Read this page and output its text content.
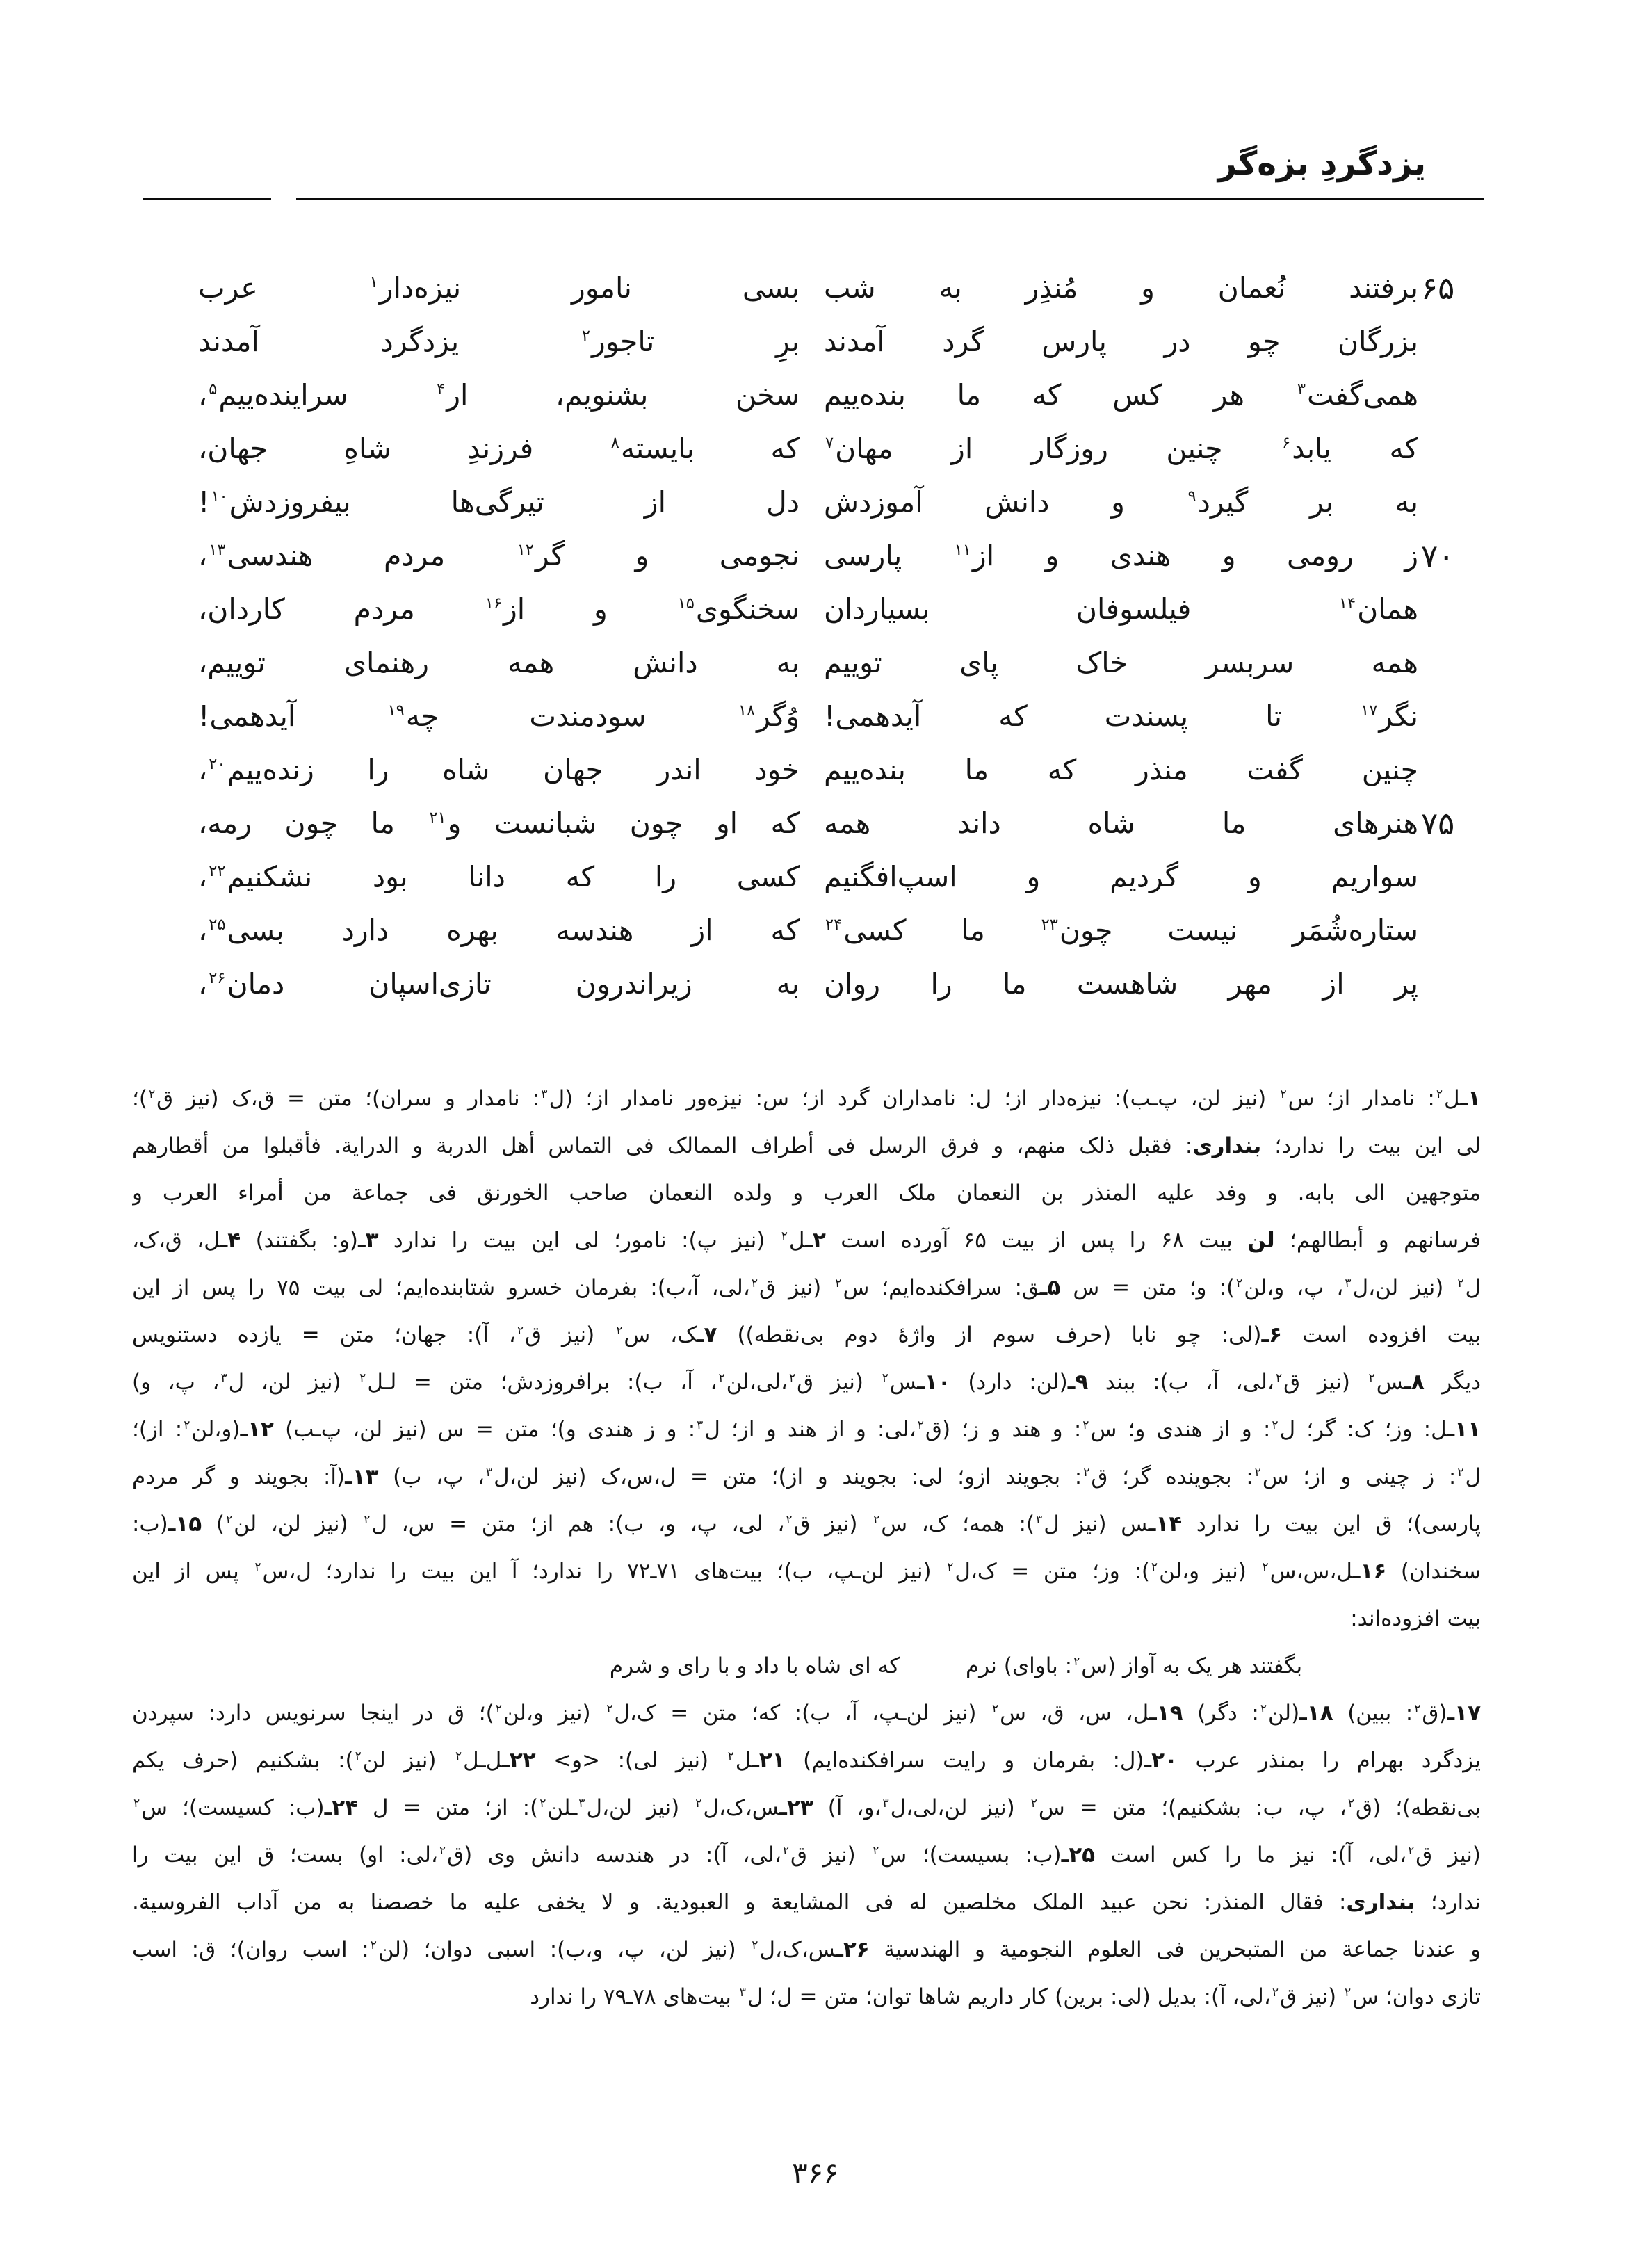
یزدگردِ بزه‌گر
۶۵
برفتند نُعمان و مُنذِر به شب
بسی نامور نیزه‌دار$^۱$ عرب
بزرگان چو در پارس گرد آمدند
برِ تاجور$^۲$ یزدگرد آمدند
همی‌گفت$^۳$ هر کس که ما بنده‌ییم
سخن بشنویم، ار$^۴$ سراینده‌ییم$^۵$،
که یابد$^۶$ چنین روزگار از مهان$^۷$
که بایسته$^۸$ فرزندِ شاهِ جهان،
به بر گیرد$^۹$ و دانش آموزدش
دل از تیرگی‌ها بیفروزدش$^{۱۰}$!
۷۰
ز رومی و هندی و از$^{۱۱}$ پارسی
نجومی و گر$^{۱۲}$ مردم هندسی$^{۱۳}$،
همان$^{۱۴}$ فیلسوفان بسیاردان
سخنگوی$^{۱۵}$ و از$^{۱۶}$ مردم کاردان،
همه سربسر خاک پای توییم
به دانش همه رهنمای توییم،
نگر$^{۱۷}$ تا پسندت که آیدهمی!
وُگر$^{۱۸}$ سودمندت چه$^{۱۹}$ آیدهمی!
چنین گفت منذر که ما بنده‌ییم
خود اندر جهان شاه را زنده‌ییم$^{۲۰}$،
۷۵
هنرهای ما شاه داند همه
که او چون شبانست و$^{۲۱}$ ما چون رمه،
سواریم و گردیم و اسپ‌افگنیم
کسی را که دانا بود نشکنیم$^{۲۲}$،
ستاره‌شُمَر نیست چون$^{۲۳}$ ما کسی$^{۲۴}$
که از هندسه بهره دارد بسی$^{۲۵}$،
پر از مهر شاهست ما را روان
به زیراندرون تازی‌اسپان دمان$^{۲۶}$،
۱ـل$^۲$: نامدار از؛ س$^۲$ (نیز لن، پ‌ـب): نیزه‌دار از؛ ل: نامداران گرد از؛ س: نیزه‌ور نامدار از؛ (ل$^۳$: نامدار و سران)؛ متن = ق،ک (نیز ق$^۲$)؛
لی این بیت را ندارد؛ بنداری: فقبل ذلک منهم، و فرق الرسل فی أطراف الممالک فی التماس أهل الدربة و الدرایة. فأقبلوا من أقطارهم
متوجهین الی بابه. و وفد علیه المنذر بن النعمان ملک العرب و ولده النعمان صاحب الخورنق فی جماعة من أمراء العرب و
فرسانهم و أبطالهم؛ لن بیت ۶۸ را پس از بیت ۶۵ آورده است ۲ـل$^۲$ (نیز پ): نامور؛ لی این بیت را ندارد ۳ـ(و: بگفتند) ۴ـل، ق،ک،
ل$^۲$ (نیز لن،ل$^۳$، پ، و،لن$^۲$): و؛ متن = س ۵ـق: سرافکنده‌ایم؛ س$^۲$ (نیز ق$^۲$،لی، آ،ب): بفرمان خسرو شتابنده‌ایم؛ لی بیت ۷۵ را پس از این
بیت افزوده است ۶ـ(لی: چو نابا (حرف سوم از واژهٔ دوم بی‌نقطه)) ۷ـک، س$^۲$ (نیز ق$^۲$، آ): جهان؛ متن = یازده دستنویس
دیگر ۸ـس$^۲$ (نیز ق$^۲$،لی، آ، ب): ببند ۹ـ(لن: دارد) ۱۰ـس$^۲$ (نیز ق$^۲$،لی،لن$^۲$، آ، ب): برافروزدش؛ متن = لـل$^۲$ (نیز لن، ل$^۳$، پ، و)
۱۱ـل: وز؛ ک: گر؛ ل$^۲$: و از هندی و؛ س$^۲$: و هند و ز؛ (ق$^۲$،لی: و از هند و از؛ ل$^۳$: و ز هندی و)؛ متن = س (نیز لن، پ‌ـب) ۱۲ـ(و،لن$^۲$: از)؛
ل$^۲$: ز چینی و از؛ س$^۲$: بجوینده گر؛ ق$^۲$: بجویند ازو؛ لی: بجویند و از)؛ متن = ل،س،ک (نیز لن،ل$^۳$، پ، ب) ۱۳ـ(آ: بجویند و گر مردم
پارسی)؛ ق این بیت را ندارد ۱۴ـس (نیز ل$^۳$): همه؛ ک، س$^۲$ (نیز ق$^۲$، لی، پ، و، ب): هم از؛ متن = س، ل$^۲$ (نیز لن، لن$^۲$) ۱۵ـ(ب:
سخندان) ۱۶ـل،س،س$^۲$ (نیز و،لن$^۲$): وز؛ متن = ک،ل$^۲$ (نیز لن‌ـپ، ب)؛ بیت‌های ۷۱ـ۷۲ را ندارد؛ آ این بیت را ندارد؛ ل،س$^۲$ پس از این
بیت افزوده‌اند:
بگفتند هر یک به آواز (س$^۲$: باوای) نرم
که ای شاه با داد و با رای و شرم
۱۷ـ(ق$^۲$: ببین) ۱۸ـ(لن$^۲$: دگر) ۱۹ـل، س، ق، س$^۲$ (نیز لن‌ـپ، آ، ب): که؛ متن = ک،ل$^۲$ (نیز و،لن$^۲$)؛ ق در اینجا سرنویس دارد: سپردن
یزدگرد بهرام را بمنذر عرب ۲۰ـ(ل: بفرمان و رایت سرافکنده‌ایم) ۲۱ـل$^۲$ (نیز لی): <و> ۲۲ـل‌ـل$^۲$ (نیز لن$^۲$): بشکنیم (حرف یکم
بی‌نقطه)؛ (ق$^۲$، پ، ب: بشکنیم)؛ متن = س$^۲$ (نیز لن،لی،ل$^۳$،و، آ) ۲۳ـس،ک،ل$^۲$ (نیز لن،ل$^۳$ـلن$^۲$): از؛ متن = ل ۲۴ـ(ب: کسیست)؛ س$^۲$
(نیز ق$^۲$،لی، آ): نیز ما را کس است ۲۵ـ(ب: بسیست)؛ س$^۲$ (نیز ق$^۲$،لی، آ): در هندسه دانش وی (ق$^۲$،لی: او) بست؛ ق این بیت را
ندارد؛ بنداری: فقال المنذر: نحن عبید الملک مخلصین له فی المشایعة و العبودیة. و لا یخفی علیه ما خصصنا به من آداب الفروسیة.
و عندنا جماعة من المتبحرین فی العلوم النجومیة و الهندسیة ۲۶ـس،ک،ل$^۲$ (نیز لن، پ، و،ب): اسبی دوان؛ (لن$^۲$: اسب روان)؛ ق: اسب
تازی دوان؛ س$^۲$ (نیز ق$^۲$،لی، آ): بدیل (لی: برین) کار داریم شاها توان؛ متن = ل؛ ل$^۳$ بیت‌های ۷۸ـ۷۹ را ندارد
۳۶۶
